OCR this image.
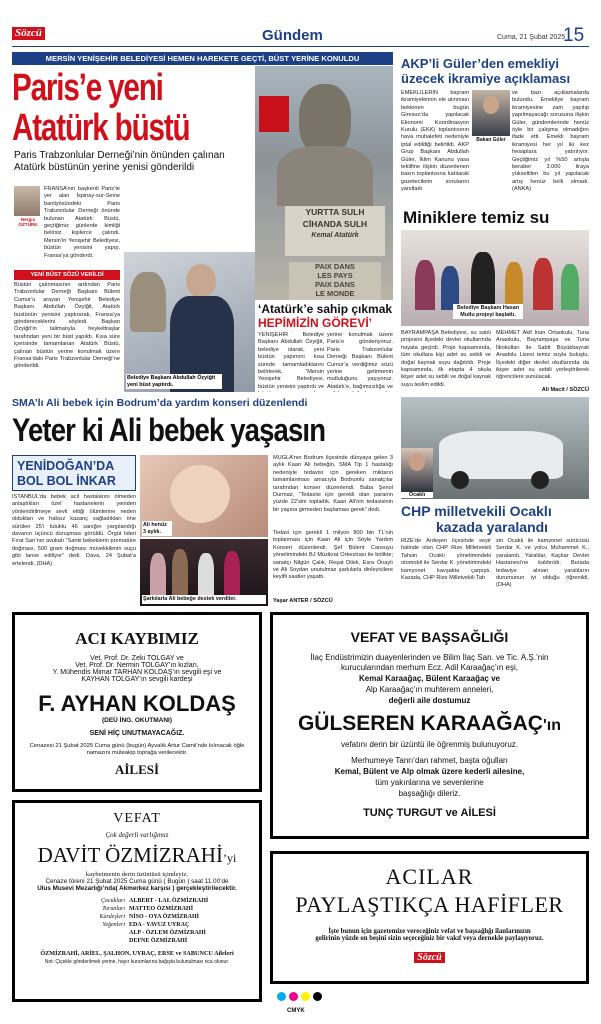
Sözcü	Gündem	Cuma, 21 Şubat 2025
15
MERSİN YENİŞEHİR BELEDİYESİ HEMEN HAREKETE GEÇTİ, BÜST YERİNE KONULDU
YURTTA SULH
CİHANDA SULH
Kemal Atatürk
PAIX DANS
LES PAYS
PAIX DANS
LE MONDE
Paris’e yeni
Atatürk büstü
Paris Trabzonlular Derneği’nin önünden çalınan Atatürk büstünün yerine yenisi gönderildi
Nergis ÖZTÜRK
FRANSA’nın başkenti Paris’te yer alan İspinay-sur-Seine banliyösündeki Paris Trabzonlular Derneği önünde bulunan Atatürk Büstü, geçtiğimiz günlerde kimliği belirsiz kişilerce çalındı. Mersin’in Yenişehir Belediyesi, büstün yenisini yapıp, Fransa’ya gönderdi.
YENİ BÜST SÖZÜ VERİLDİ
Büstün çalınmasının ardından Paris Trabzonlular Derneği Başkanı Bülent Cumur’u arayan Yenişehir Belediye Başkanı Abdullah Özyiğit, Atatürk büstünün yenisini yaptırarak, Fransa’ya göndereceklerini söyledi. Başkan Özyiğit’in talimatıyla heykeltraşlar tarafından yeni bir büst yapıldı. Kısa süre içerisinde tamamlanan Atatürk Büstü, çalınan büstün yerine konulmak üzere Fransa’daki Paris Trabzonlular Derneği’ne gönderildi.
Belediye Başkanı Abdullah Özyiğit yeni büst yaptırdı.
‘Atatürk’e sahip çıkmak
HEPİMİZİN GÖREVİ’
YENİŞEHİR Belediye Başkanı Abdullah Özyiğit, belediye olarak, yeni büstün yapımını kısa sürede tamamladıklarını belirterek, “Mersin Yenişehir Belediyesi, büstün yenisini yaptırdı ve
yerine konulmak üzere Paris’e gönderiyoruz. Paris Trabzonlular Derneği Başkanı Bülent Cumur’a verdiğimiz sözü yerine getirmenin mutluluğunu yaşıyoruz. Atatürk’e, bağımsızlığa ve
AKP’li Güler’den emekliyi
üzecek ikramiye açıklaması
EMEKLİLERİN bayram ikramiyelerinin ele alınması beklenen bugün Giresun’da yapılacak Ekonomi Koordinasyon Kurulu (EKK) toplantısının hava muhalefeti nedeniyle iptal edildiği belirtildi. AKP Grup Başkanı Abdullah Güler, İklim Kanunu yasa teklifine ilişkin düzenlenen basın toplantısına katılarak gazetecilerin sorularını yanıtladı
Bakan Güler
ve bazı açıklamalarda bulundu. Emekliye bayram ikramiyesine zam yapılıp yapılmayacağı sorusuna ilişkin Güler, gündemlerinde henüz öyle bir çalışma olmadığını ifade etti. Emekli bayram ikramiyesi her yıl iki kez hesaplara yatırılıyor. Geçtiğimiz yıl %50 artışla beraber 3.000 liraya yükseltilen bu yıl yapılacak artış henüz belli olmadı. (ANKA)
Miniklere temiz su
Belediye Başkanı Hasan Mutlu projeyi başlattı.
BAYRAMPAŞA Belediyesi, su satılı projesini ilçedeki devlet okullarında hayata geçirdi. Proje kapsamında, tüm okullara kişi adet su sebili ve doğal kaynak suyu dağıtıldı. Proje kapsamında, ilk etapta 4 okula ikişer adet su sebili ve doğal kaynak suyu teslim edildi.
MEHMET Akif İnan Ortaokulu, Tuna Anaokulu, Bayrampaşa ve Tuna İlkokulları ile Sabit Büyükbayrak Anadolu Lisesi temiz suyla buluştu. İlçedeki diğer devlet okullarında da ikişer adet su sebili yerleştirilerek öğrencilere sunulacak.
Ali Macit / SÖZCÜ
SMA’lı Ali bebek için Bodrum’da yardım konseri düzenlendi
Yeter ki Ali bebek yaşasın
YENİDOĞAN’DA
BOL BOL İNKAR
İSTANBUL’da bebek acil hastalarını ölmeden anlaştıkları özel hastanelerin yeniden yönlendirilmeye sevk ettiği ölümlerine neden oldukları ve haksız kazanç sağladıkları öne sürülen 25’i tutuklu 46 sanığın yargılandığı davanın üçüncü duruşması görüldü. Örgüt lideri Fırat Sarı’nın avukatı “Sanki bebeklerin prematüre doğması, 500 gram doğması müvekkilimin suçu gibi lanse ediliyor” dedi. Dava, 24 Şubat’a ertelendi. (DHA)
Ali henüz 3 aylık.
Şarkılarla Ali bebeğe destek verdiler.
MUĞLA’nın Bodrum ilçesinde dünyaya gelen 3 aylık Kaan Ali bebeğin, SMA Tip 1 hastalığı nedeniyle tedavisi için gereken miktarın tamamlanması amacıyla Bodrumlu sanatçılar tarafından konser düzenlendi. Baba Şenol Durmaz, “Tedavisi için gerekli olan paranın yüzde 22’sini topladık. Kaan Ali’nin tedavisinin bir yaşına girmeden başlaması gerek” dedi.
Tedavi için gerekli 1 milyon 800 bin TL’nin toplanması için Kaan Ali için Söyle Yardım Konseri düzenlendi. Şef Bülent Cansuyu yönetimindeki BJ Müzikrat Orkestrası ile birlikte; sanatçı Nilgün Çalık, Reşat Dilek, Esra Önaylı ve Ali Soydan unutulmaz şarkılarla dinleyicilere keyifli saatler yaşattı.
Yaşar ANTER / SÖZCÜ
Ocaklı
CHP milletvekili Ocaklı
kazada yaralandı
RİZE’de Ardeşen ilçesinde seyir halinde olan CHP Rize Milletvekili Tahsin Ocaklı yönetimindeki otomobil ile Serdar K. yönetimindeki kamyonet kavşakta çarpıştı. Kazada, CHP Rize Milletvekili Tah
sin Ocaklı ile kamyonet sürücüsü Serdar K. ve yolcu Muhammet K., yaralandı. Yaralılar, Kaçkar Devlet Hastanesi’ne kaldırıldı. Burada tedaviye alınan yaralıların durumunun iyi olduğu öğrenildi. (DHA)
ACI KAYBIMIZ
Vet. Prof. Dr. Zeki TOLGAY ve
Vet. Prof. Dr. Nermin TOLGAY’ın kızları,
Y. Mühendis Mimar TARHAN KOLDAŞ’ın sevgili eşi ve
KAYHAN TOLGAY’ın sevgili kardeşi
F. AYHAN KOLDAŞ
(DEÜ İNG. OKUTMANI)
SENİ HİÇ UNUTMAYACAĞIZ.
Cenazesi 21 Şubat 2025 Cuma günü (bugün) Ayvalık Artur Camii’nde kılınacak öğle namazını müteakip toprağa verilecektir.
AİLESİ
VEFAT VE BAŞSAĞLIĞI
İlaç Endüstrimizin duayenlerinden ve Bilim İlaç San. ve Tic. A.Ş.’nin
kurucularından merhum Ecz. Adil Karaağaç’ın eşi,
Kemal Karaağaç, Bülent Karaağaç ve
Alp Karaağaç’ın muhterem anneleri,
değerli aile dostumuz
GÜLSEREN KARAAĞAÇ'ın
vefatını derin bir üzüntü ile öğrenmiş bulunuyoruz.
Merhumeye Tanrı’dan rahmet, başta oğulları
Kemal, Bülent ve Alp olmak üzere kederli ailesine,
tüm yakınlarına ve sevenlerine
başsağlığı dileriz.
TUNÇ TURGUT ve AİLESİ
VEFAT
Çok değerli varlığımız
DAVİT ÖZMİZRAHİ’yi
kaybetmenin derin üzüntüsü içindeyiz.
Cenaze töreni 21 Şubat 2025 Cuma günü ( Bugün ) saat 11.00’de
Ulus Musevi Mezarlığı’nda( Akmerkez karşısı ) gerçekleştirilecektir.
Çocukları ALBERT - LAL ÖZMİZRAHİ
Torunları MATTEO ÖZMİZRAHİ
Kardeşleri NİSO - OYA ÖZMİZRAHİ
Yeğenleri EDA - YAVUZ UYRAÇ
ALP - ÖZLEM ÖZMİZRAHİ
DEFNE ÖZMİZRAHİ
ÖZMİZRAHİ, ARİEL, ŞALHON, UYRAÇ, ERSE ve SABUNCU Aileleri
Not: Çiçekle gönderilmek yerine, hayır kurumlarına bağışta bulunulması rica olunur.
ACILAR
PAYLAŞTIKÇA HAFİFLER
İşte bunun için gazetemize vereceğiniz vefat ve başsağlığı ilanlarınızın
gelirinin yüzde on beşini sizin seçeceğiniz bir vakıf veya dernekle paylaşıyoruz.
Sözcü
CMYK
